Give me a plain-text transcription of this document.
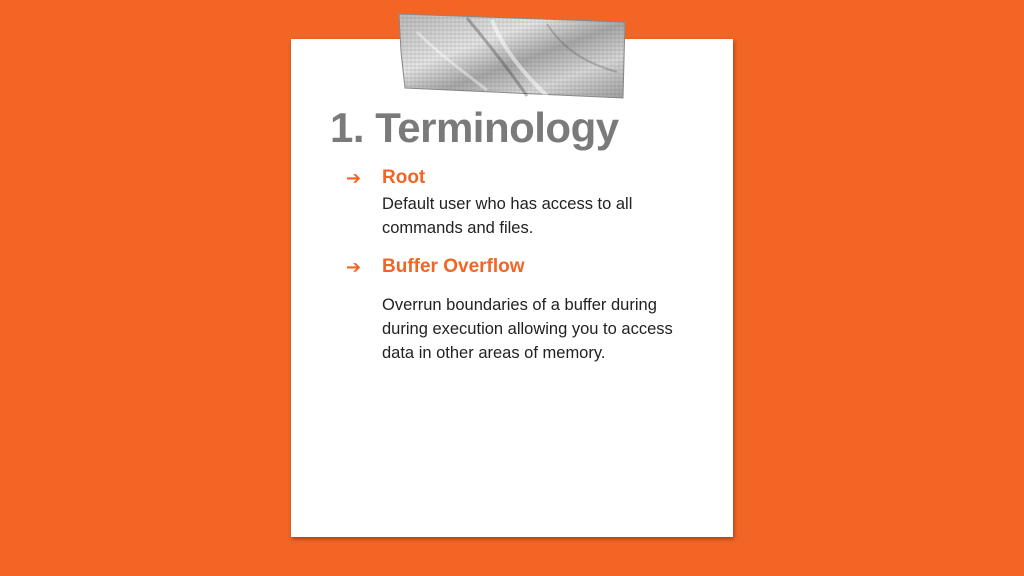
1. Terminology
➔	Root
Default user who has access to all commands and files.
➔	Buffer Overflow
Overrun boundaries of a buffer during during execution allowing you to access data in other areas of memory.
